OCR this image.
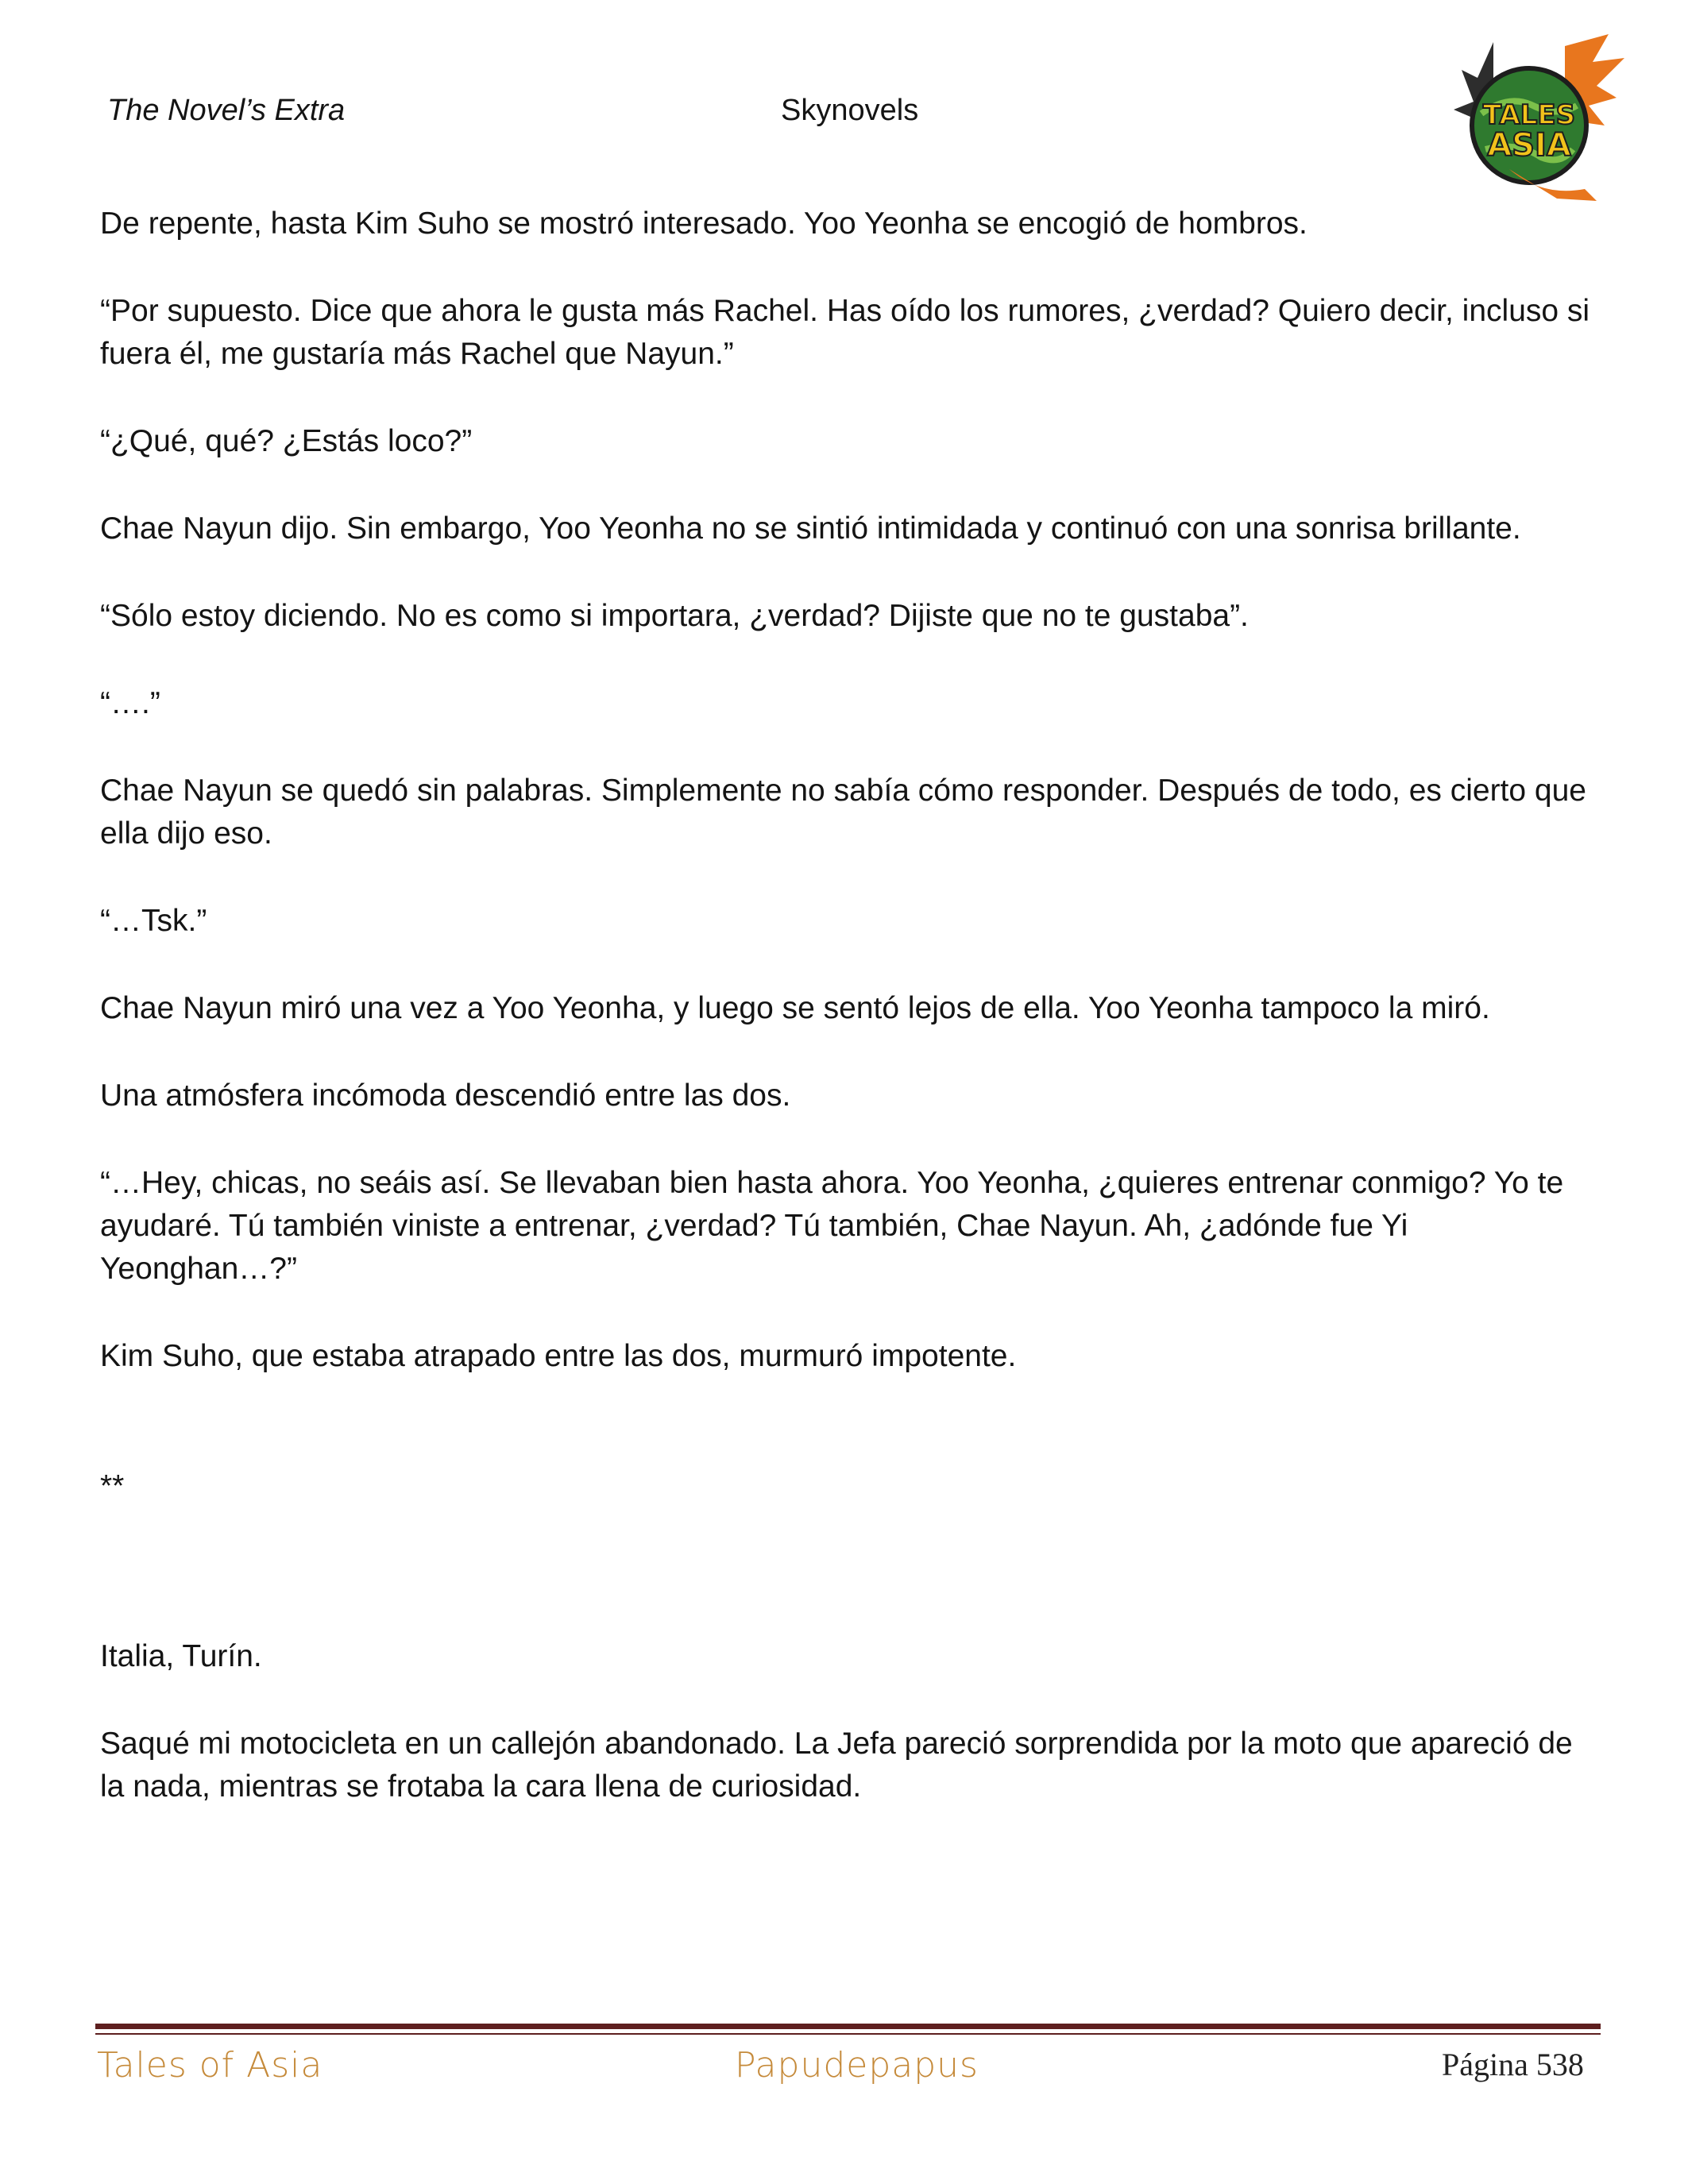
The Novel’s Extra	Skynovels	TALES
ASIA

De repente, hasta Kim Suho se mostró interesado. Yoo Yeonha se encogió de hombros.

“Por supuesto. Dice que ahora le gusta más Rachel. Has oído los rumores, ¿verdad? Quiero decir, incluso si fuera él, me gustaría más Rachel que Nayun.”

“¿Qué, qué? ¿Estás loco?”

Chae Nayun dijo. Sin embargo, Yoo Yeonha no se sintió intimidada y continuó con una sonrisa brillante.

“Sólo estoy diciendo. No es como si importara, ¿verdad? Dijiste que no te gustaba”.

“….”

Chae Nayun se quedó sin palabras. Simplemente no sabía cómo responder. Después de todo, es cierto que ella dijo eso.

“…Tsk.”

Chae Nayun miró una vez a Yoo Yeonha, y luego se sentó lejos de ella. Yoo Yeonha tampoco la miró.

Una atmósfera incómoda descendió entre las dos.

“…Hey, chicas, no seáis así. Se llevaban bien hasta ahora. Yoo Yeonha, ¿quieres entrenar conmigo? Yo te ayudaré. Tú también viniste a entrenar, ¿verdad? Tú también, Chae Nayun. Ah, ¿adónde fue Yi Yeonghan…?”

Kim Suho, que estaba atrapado entre las dos, murmuró impotente.

**

Italia, Turín.

Saqué mi motocicleta en un callejón abandonado. La Jefa pareció sorprendida por la moto que apareció de la nada, mientras se frotaba la cara llena de curiosidad.

Tales of Asia	Papudepapus	Página 538
